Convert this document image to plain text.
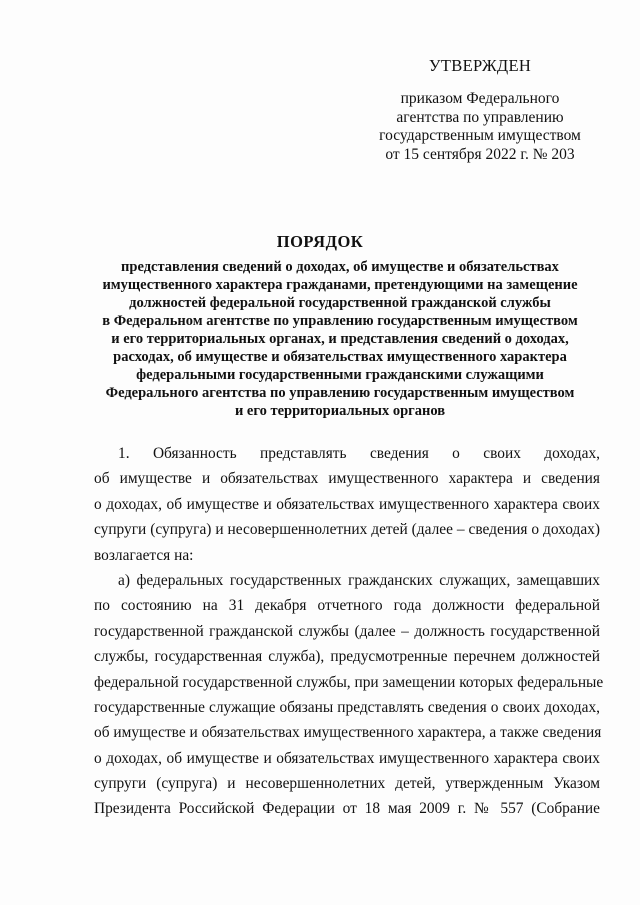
УТВЕРЖДЕН
приказом Федерального
агентства по управлению
государственным имуществом
от 15 сентября 2022 г. № 203
ПОРЯДОК
представления сведений о доходах, об имуществе и обязательствах
имущественного характера гражданами, претендующими на замещение
должностей федеральной государственной гражданской службы
в Федеральном агентстве по управлению государственным имуществом
и его территориальных органах, и представления сведений о доходах,
расходах, об имуществе и обязательствах имущественного характера
федеральными государственными гражданскими служащими
Федерального агентства по управлению государственным имуществом
и его территориальных органов
1. Обязанность представлять сведения о своих доходах,
об имуществе и обязательствах имущественного характера и сведения
о доходах, об имуществе и обязательствах имущественного характера своих
супруги (супруга) и несовершеннолетних детей (далее – сведения о доходах)
возлагается на:
а) федеральных государственных гражданских служащих, замещавших
по состоянию на 31 декабря отчетного года должности федеральной
государственной гражданской службы (далее – должность государственной
службы, государственная служба), предусмотренные перечнем должностей
федеральной государственной службы, при замещении которых федеральные
государственные служащие обязаны представлять сведения о своих доходах,
об имуществе и обязательствах имущественного характера, а также сведения
о доходах, об имуществе и обязательствах имущественного характера своих
супруги (супруга) и несовершеннолетних детей, утвержденным Указом
Президента Российской Федерации от 18 мая 2009 г. № 557 (Собрание
